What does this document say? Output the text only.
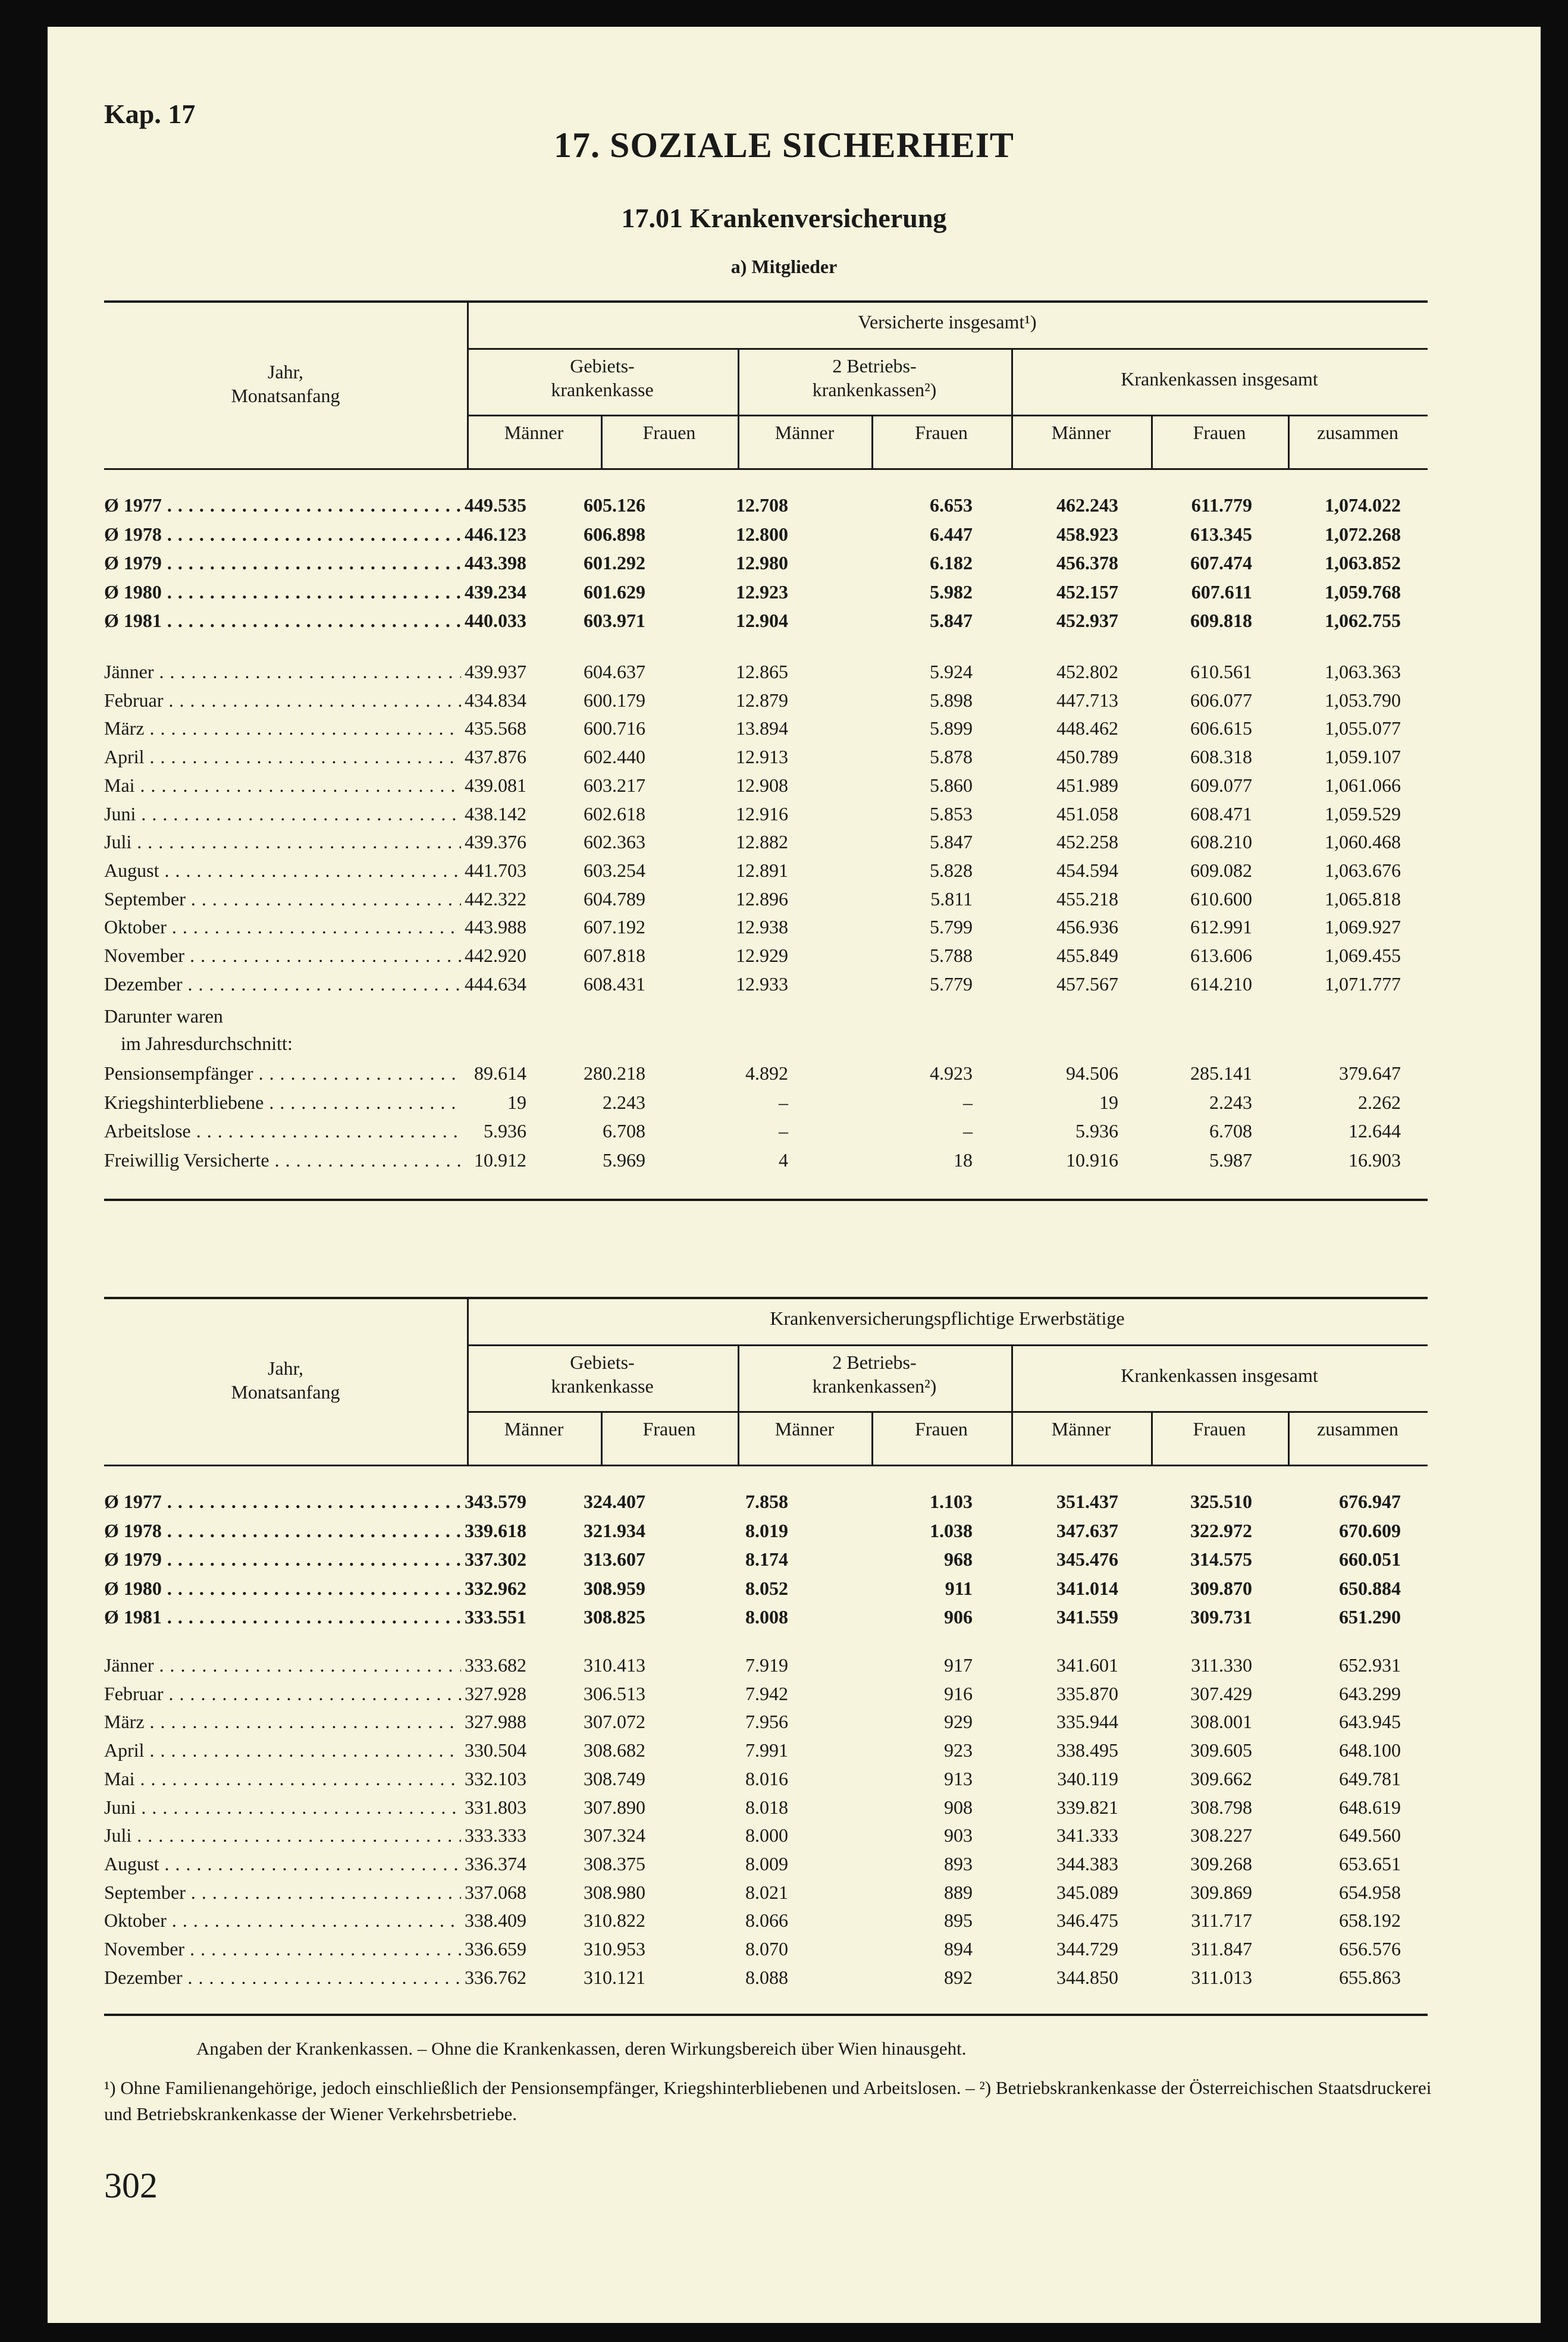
Kap. 17
17. SOZIALE SICHERHEIT
17.01 Krankenversicherung
a) Mitglieder
Versicherte insgesamt¹)
Gebiets-
krankenkasse
2 Betriebs-
krankenkassen²)	Krankenkassen insgesamt
Männer	Frauen	Männer	Frauen	Männer	Frauen	zusammen
Jahr,
Monatsanfang
Ø 1977 . . .	449.535	605.126	12.708	6.653	462.243	611.779	1,074.022
Ø 1978 . . .	446.123	606.898	12.800	6.447	458.923	613.345	1,072.268
Ø 1979 . . .	443.398	601.292	12.980	6.182	456.378	607.474	1,063.852
Ø 1980 . . .	439.234	601.629	12.923	5.982	452.157	607.611	1,059.768
Ø 1981 . . .	440.033	603.971	12.904	5.847	452.937	609.818	1,062.755
Jänner . . .	439.937	604.637	12.865	5.924	452.802	610.561	1,063.363
Februar . . .	434.834	600.179	12.879	5.898	447.713	606.077	1,053.790
März . . .	435.568	600.716	13.894	5.899	448.462	606.615	1,055.077
April . . .	437.876	602.440	12.913	5.878	450.789	608.318	1,059.107
Mai . . .	439.081	603.217	12.908	5.860	451.989	609.077	1,061.066
Juni . . .	438.142	602.618	12.916	5.853	451.058	608.471	1,059.529
Juli . . .	439.376	602.363	12.882	5.847	452.258	608.210	1,060.468
August . . .	441.703	603.254	12.891	5.828	454.594	609.082	1,063.676
September . . .	442.322	604.789	12.896	5.811	455.218	610.600	1,065.818
Oktober . . .	443.988	607.192	12.938	5.799	456.936	612.991	1,069.927
November . . .	442.920	607.818	12.929	5.788	455.849	613.606	1,069.455
Dezember . . .	444.634	608.431	12.933	5.779	457.567	614.210	1,071.777
Darunter waren
im Jahresdurchschnitt:
Pensionsempfänger . . .	89.614	280.218	4.892	4.923	94.506	285.141	379.647
Kriegshinterbliebene . . .	19	2.243	–	–	19	2.243	2.262
Arbeitslose . . .	5.936	6.708	–	–	5.936	6.708	12.644
Freiwillig Versicherte . . .	10.912	5.969	4	18	10.916	5.987	16.903
Krankenversicherungspflichtige Erwerbstätige
Gebiets-
krankenkasse
2 Betriebs-
krankenkassen²)	Krankenkassen insgesamt
Männer	Frauen	Männer	Frauen	Männer	Frauen	zusammen
Jahr,
Monatsanfang
Ø 1977 . . .	343.579	324.407	7.858	1.103	351.437	325.510	676.947
Ø 1978 . . .	339.618	321.934	8.019	1.038	347.637	322.972	670.609
Ø 1979 . . .	337.302	313.607	8.174	968	345.476	314.575	660.051
Ø 1980 . . .	332.962	308.959	8.052	911	341.014	309.870	650.884
Ø 1981 . . .	333.551	308.825	8.008	906	341.559	309.731	651.290
Jänner . . .	333.682	310.413	7.919	917	341.601	311.330	652.931
Februar . . .	327.928	306.513	7.942	916	335.870	307.429	643.299
März . . .	327.988	307.072	7.956	929	335.944	308.001	643.945
April . . .	330.504	308.682	7.991	923	338.495	309.605	648.100
Mai . . .	332.103	308.749	8.016	913	340.119	309.662	649.781
Juni . . .	331.803	307.890	8.018	908	339.821	308.798	648.619
Juli . . .	333.333	307.324	8.000	903	341.333	308.227	649.560
August . . .	336.374	308.375	8.009	893	344.383	309.268	653.651
September . . .	337.068	308.980	8.021	889	345.089	309.869	654.958
Oktober . . .	338.409	310.822	8.066	895	346.475	311.717	658.192
November . . .	336.659	310.953	8.070	894	344.729	311.847	656.576
Dezember . . .	336.762	310.121	8.088	892	344.850	311.013	655.863
Angaben der Krankenkassen. – Ohne die Krankenkassen, deren Wirkungsbereich über Wien hinausgeht.
¹) Ohne Familienangehörige, jedoch einschließlich der Pensionsempfänger, Kriegshinterbliebenen und Arbeitslosen. – ²) Betriebskrankenkasse der Österreichischen Staatsdruckerei und Betriebskrankenkasse der Wiener Verkehrsbetriebe.
302
